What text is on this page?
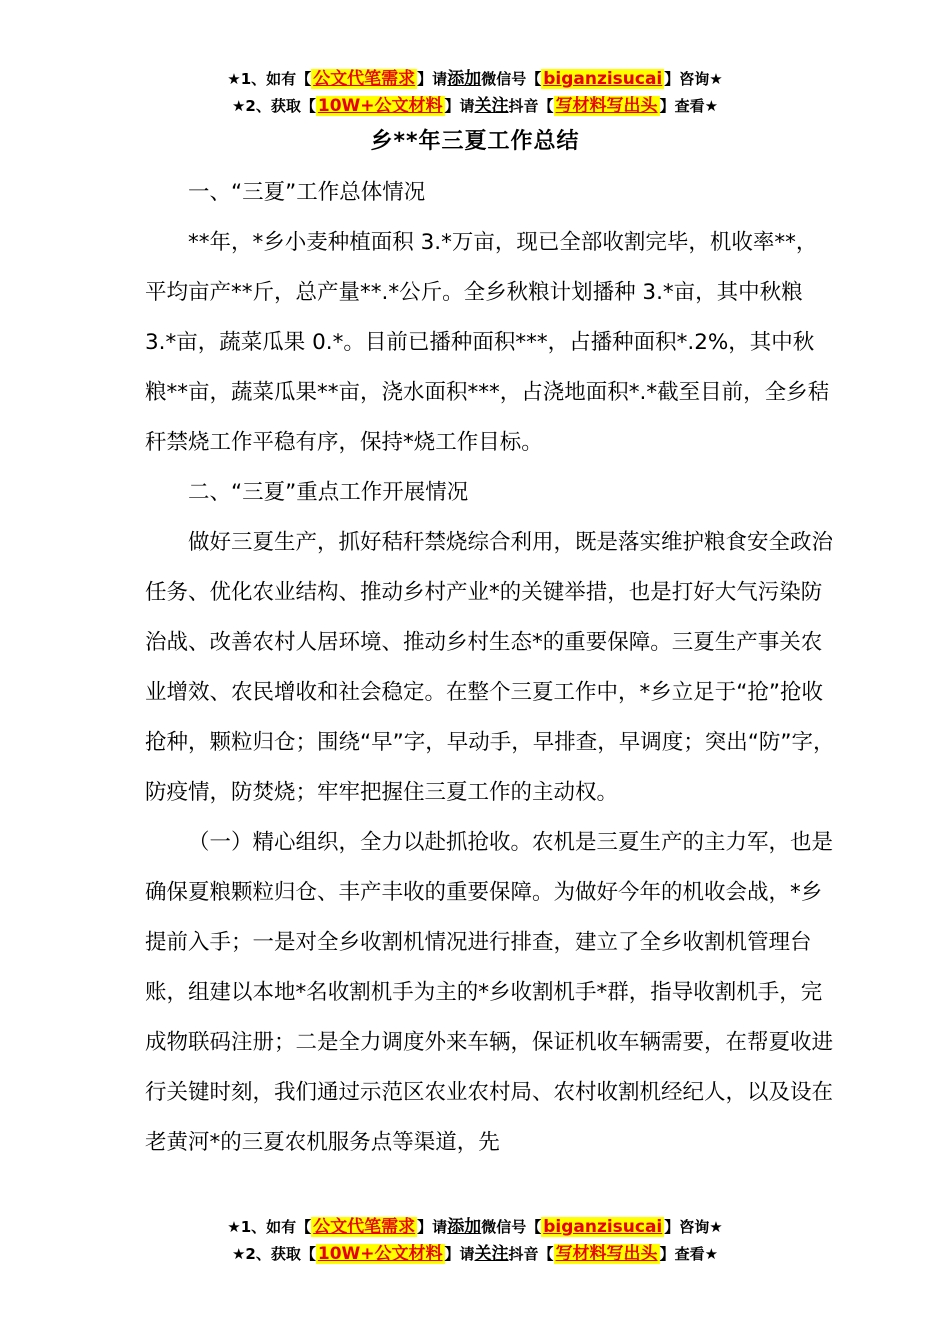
★1、如有【 公文代笔需求 】请添加微信号【 biganzisucai 】咨询★
★2、获取【 10W+公文材料 】请关注抖音【 写材料写出头 】查看★
乡**年三夏工作总结

一、“三夏”工作总体情况

**年，*乡小麦种植面积 3.*万亩，现已全部收割完毕，机收率**，平均亩产**斤，总产量**.*公斤。全乡秋粮计划播种 3.*亩，其中秋粮 3.*亩，蔬菜瓜果 0.*。目前已播种面积***，占播种面积*.2%，其中秋粮**亩，蔬菜瓜果**亩，浇水面积***，占浇地面积*.*截至目前，全乡秸秆禁烧工作平稳有序，保持*烧工作目标。

二、“三夏”重点工作开展情况

做好三夏生产，抓好秸秆禁烧综合利用，既是落实维护粮食安全政治任务、优化农业结构、推动乡村产业*的关键举措，也是打好大气污染防治战、改善农村人居环境、推动乡村生态*的重要保障。三夏生产事关农业增效、农民增收和社会稳定。在整个三夏工作中，*乡立足于“抢”抢收抢种，颗粒归仓；围绕“早”字，早动手，早排查，早调度；突出“防”字，防疫情，防焚烧；牢牢把握住三夏工作的主动权。

（一）精心组织，全力以赴抓抢收。农机是三夏生产的主力军，也是确保夏粮颗粒归仓、丰产丰收的重要保障。为做好今年的机收会战，*乡提前入手；一是对全乡收割机情况进行排查，建立了全乡收割机管理台账，组建以本地*名收割机手为主的*乡收割机手*群，指导收割机手，完成物联码注册；二是全力调度外来车辆，保证机收车辆需要，在帮夏收进行关键时刻，我们通过示范区农业农村局、农村收割机经纪人，以及设在老黄河*的三夏农机服务点等渠道，先

★1、如有【 公文代笔需求 】请添加微信号【 biganzisucai 】咨询★
★2、获取【 10W+公文材料 】请关注抖音【 写材料写出头 】查看★
